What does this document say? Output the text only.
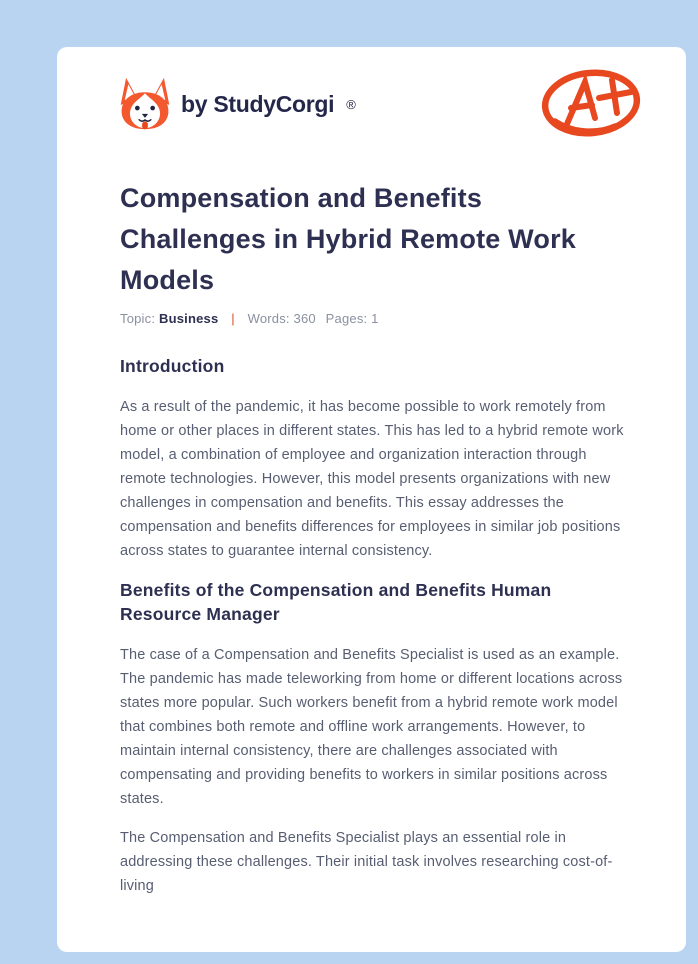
by StudyCorgi ®
Compensation and Benefits Challenges in Hybrid Remote Work Models
Topic: Business | Words: 360 Pages: 1
Introduction

As a result of the pandemic, it has become possible to work remotely from home or other places in different states. This has led to a hybrid remote work model, a combination of employee and organization interaction through remote technologies. However, this model presents organizations with new challenges in compensation and benefits. This essay addresses the compensation and benefits differences for employees in similar job positions across states to guarantee internal consistency.

Benefits of the Compensation and Benefits Human Resource Manager

The case of a Compensation and Benefits Specialist is used as an example. The pandemic has made teleworking from home or different locations across states more popular. Such workers benefit from a hybrid remote work model that combines both remote and offline work arrangements. However, to maintain internal consistency, there are challenges associated with compensating and providing benefits to workers in similar positions across states.

The Compensation and Benefits Specialist plays an essential role in addressing these challenges. Their initial task involves researching cost-of-living
